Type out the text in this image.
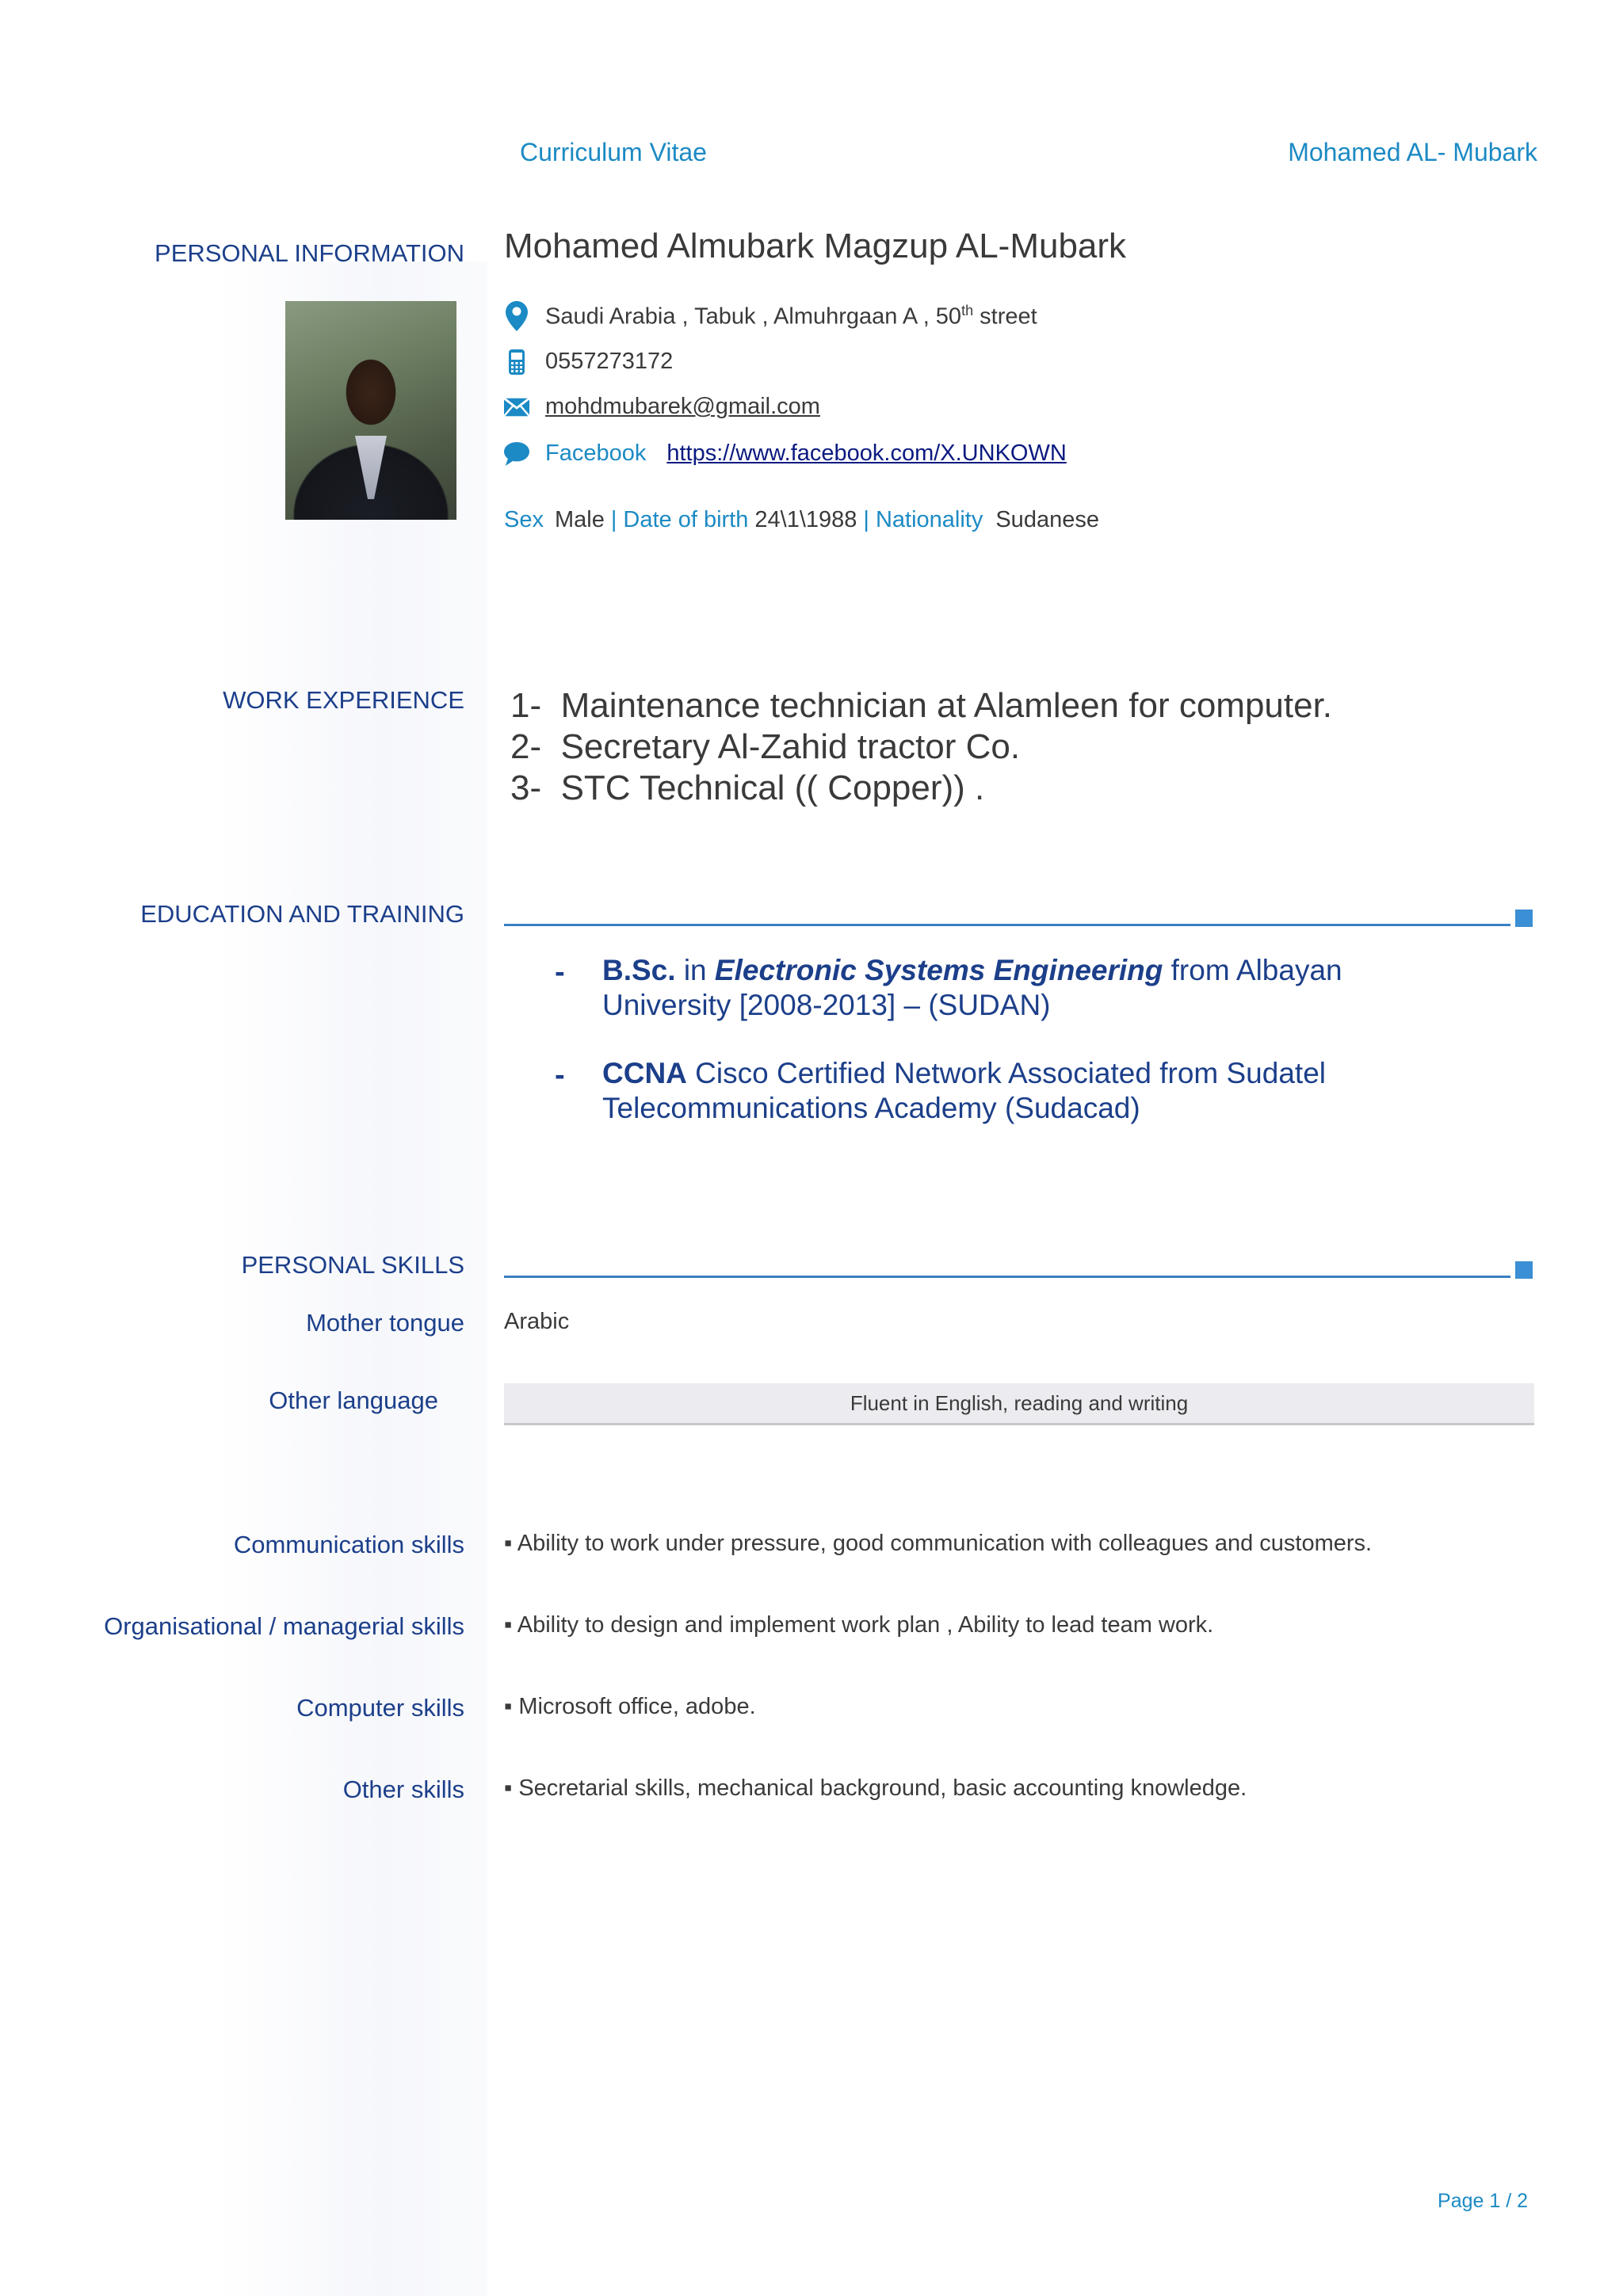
Curriculum Vitae	Mohamed AL- Mubark
PERSONAL INFORMATION Mohamed Almubark Magzup AL-Mubark
Saudi Arabia , Tabuk , Almuhrgaan A , 50th street
0557273172
mohdmubarek@gmail.com
Facebook https://www.facebook.com/X.UNKOWN
Sex Male | Date of birth 24\1\1988 | Nationality Sudanese
WORK EXPERIENCE 1- Maintenance technician at Alamleen for computer.
2- Secretary Al-Zahid tractor Co.
3- STC Technical (( Copper)) .
EDUCATION AND TRAINING
- B.Sc. in Electronic Systems Engineering from Albayan University [2008-2013] – (SUDAN)
- CCNA Cisco Certified Network Associated from Sudatel Telecommunications Academy (Sudacad)
PERSONAL SKILLS
Mother tongue Arabic
Other language	Fluent in English, reading and writing
Communication skills ▪ Ability to work under pressure, good communication with colleagues and customers.
Organisational / managerial skills ▪ Ability to design and implement work plan , Ability to lead team work.
Computer skills ▪ Microsoft office, adobe.
Other skills ▪ Secretarial skills, mechanical background, basic accounting knowledge.
Page 1 / 2
